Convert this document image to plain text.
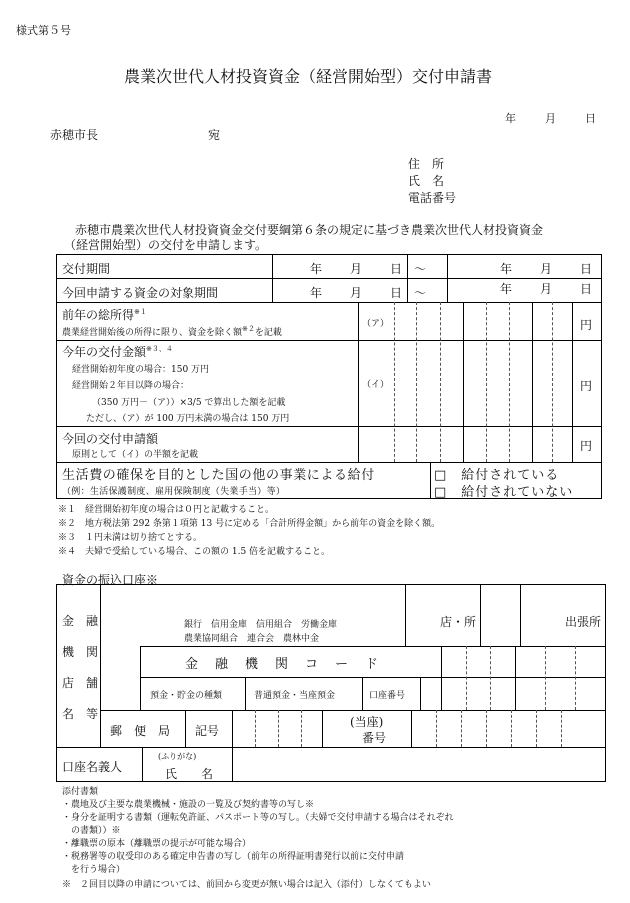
様式第５号
農業次世代人材投資資金（経営開始型）交付申請書
年	月	日
赤穂市長	宛
住　所
氏　名
電話番号
赤穂市農業次世代人材投資資金交付要綱第６条の規定に基づき農業次世代人材投資資金
（経営開始型）の交付を申請します。
交付期間	年 月 日 ～	年 月 日
今回申請する資金の対象期間	年 月 日 ～	年 月 日
前年の総所得$^{※1}$
農業経営開始後の所得に限り、資金を除く額$^{※2}$を記載
（ア）	円
今年の交付金額$^{※3、4}$
経営開始初年度の場合：150 万円
経営開始２年目以降の場合：
（350 万円－（ア））×3/5 で算出した額を記載
ただし、（ア）が 100 万円未満の場合は 150 万円
（イ）	円
今回の交付申請額
原則として（イ）の半額を記載
円
生活費の確保を目的とした国の他の事業による給付
（例：生活保護制度、雇用保険制度（失業手当）等）
□　給付されている
□　給付されていない
※１　経営開始初年度の場合は０円と記載すること。
※２　地方税法第 292 条第１項第 13 号に定める「合計所得金額」から前年の資金を除く額。
※３　１円未満は切り捨てとする。
※４　夫婦で受給している場合、この額の 1.5 倍を記載すること。
資金の振込口座※
金　融
機　関
店　舗
名　等
銀行　信用金庫　信用組合　労働金庫
農業協同組合　連合会　農林中金
店・所	出張所
金　融　機　関　コ　ー　ド
預金・貯金の種類	普通預金・当座預金	口座番号
郵　便　局 記号
(当座)
番号
口座名義人
(ふりがな)
氏　　名
添付書類
・農地及び主要な農業機械・施設の一覧及び契約書等の写し※
・身分を証明する書類（運転免許証、パスポート等の写し。（夫婦で交付申請する場合はそれぞれ
　の書類））※
・離職票の原本（離職票の提示が可能な場合）
・税務署等の収受印のある確定申告書の写し（前年の所得証明書発行以前に交付申請
　を行う場合）
※　２回目以降の申請については、前回から変更が無い場合は記入（添付）しなくてもよい
